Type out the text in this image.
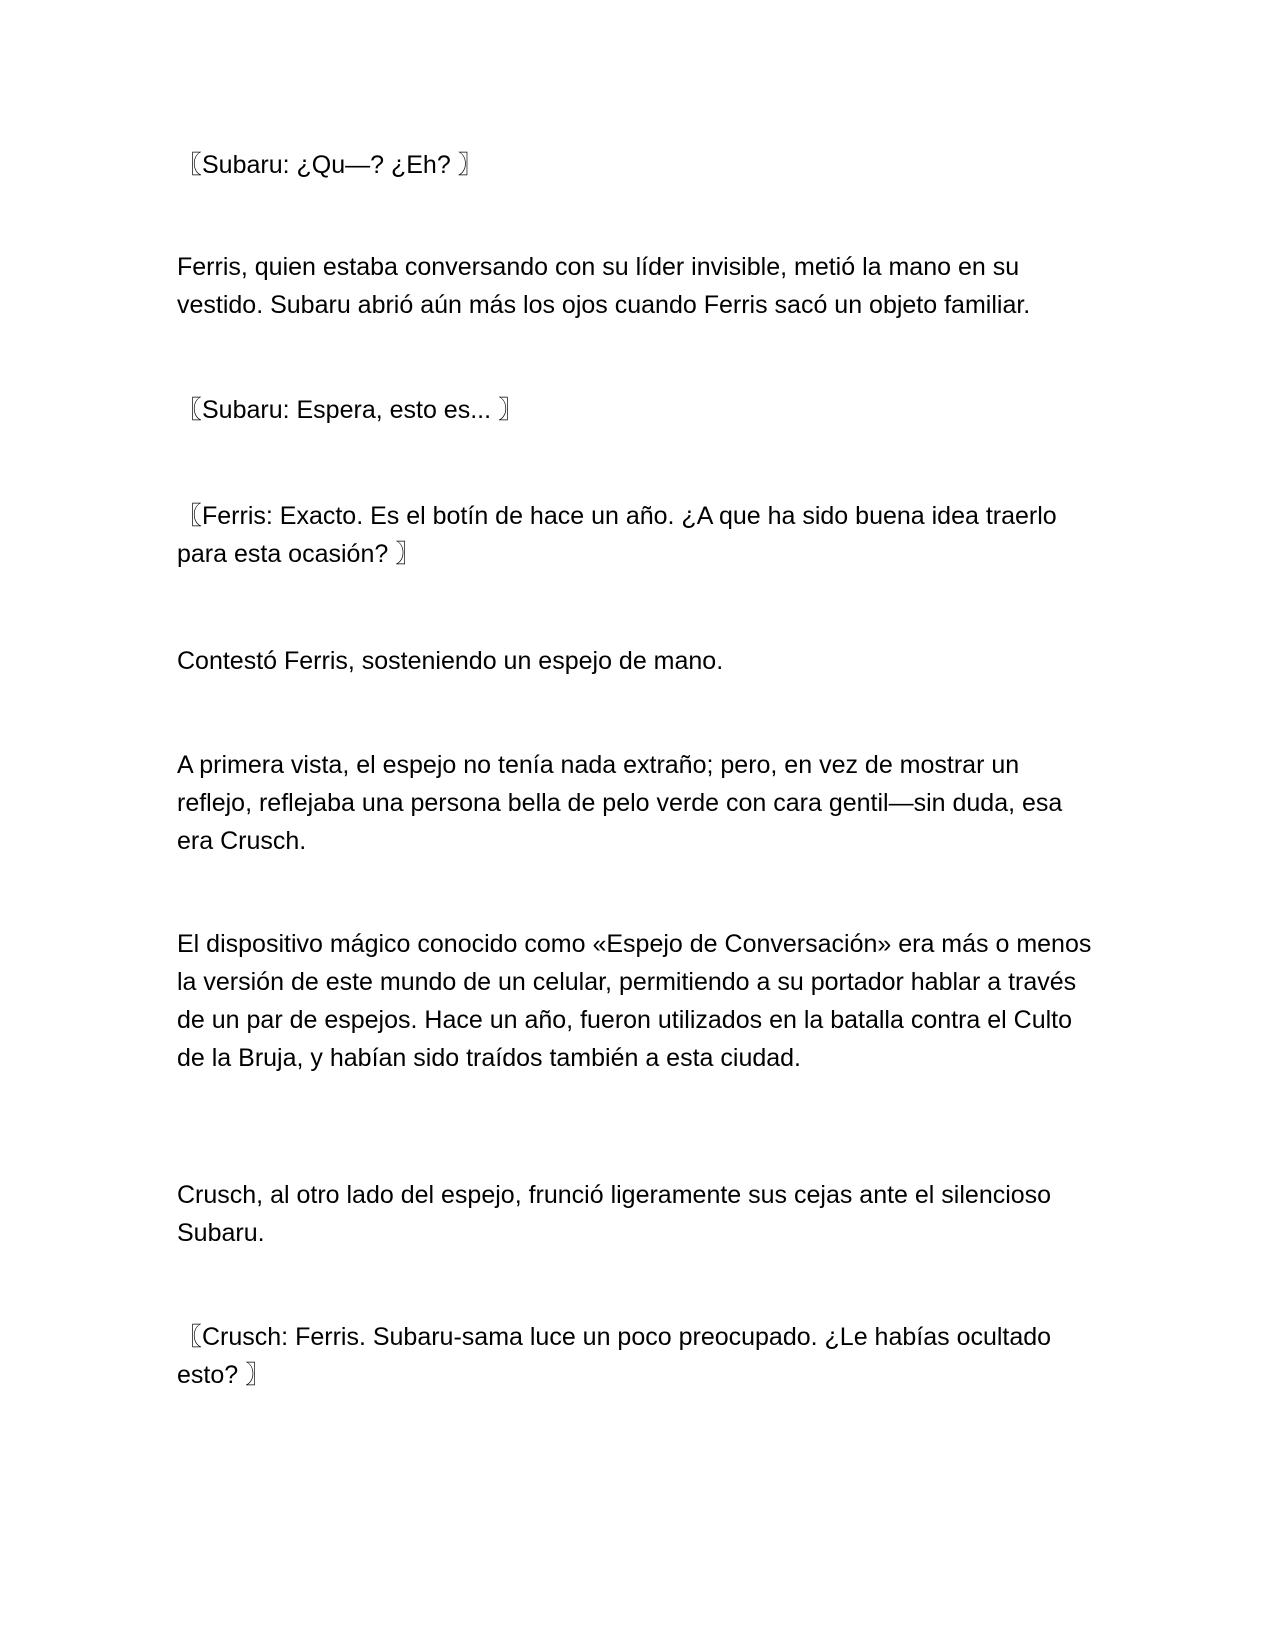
〖Subaru: ¿Qu—? ¿Eh? 〗

Ferris, quien estaba conversando con su líder invisible, metió la mano en su vestido. Subaru abrió aún más los ojos cuando Ferris sacó un objeto familiar.

〖Subaru: Espera, esto es... 〗

〖Ferris: Exacto. Es el botín de hace un año. ¿A que ha sido buena idea traerlo para esta ocasión? 〗

Contestó Ferris, sosteniendo un espejo de mano.

A primera vista, el espejo no tenía nada extraño; pero, en vez de mostrar un reflejo, reflejaba una persona bella de pelo verde con cara gentil—sin duda, esa era Crusch.

El dispositivo mágico conocido como «Espejo de Conversación» era más o menos la versión de este mundo de un celular, permitiendo a su portador hablar a través de un par de espejos. Hace un año, fueron utilizados en la batalla contra el Culto de la Bruja, y habían sido traídos también a esta ciudad.

Crusch, al otro lado del espejo, frunció ligeramente sus cejas ante el silencioso Subaru.

〖Crusch: Ferris. Subaru-sama luce un poco preocupado. ¿Le habías ocultado esto? 〗
